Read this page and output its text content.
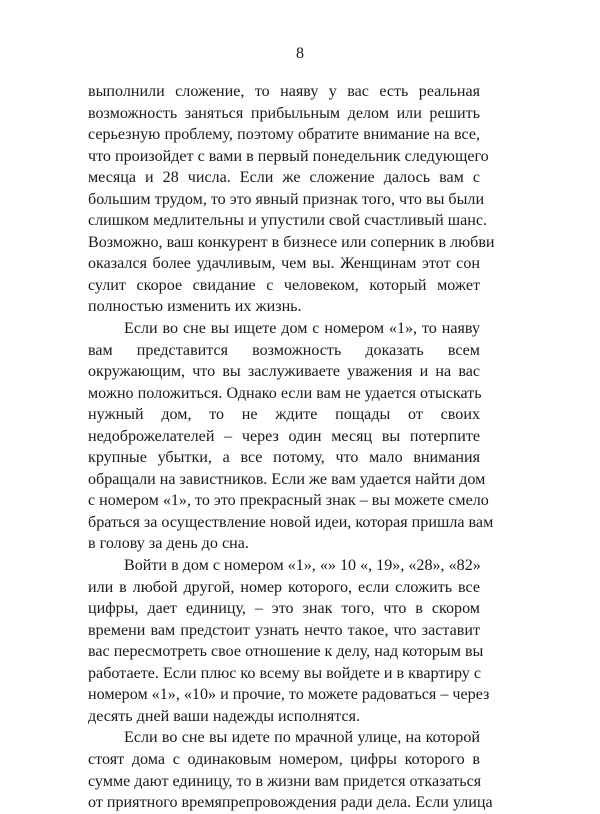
8
выполнили сложение, то наяву у вас есть реальная
возможность заняться прибыльным делом или решить
серьезную проблему, поэтому обратите внимание на все,
что произойдет с вами в первый понедельник следующего
месяца и 28 числа. Если же сложение далось вам с
большим трудом, то это явный признак того, что вы были
слишком медлительны и упустили свой счастливый шанс.
Возможно, ваш конкурент в бизнесе или соперник в любви
оказался более удачливым, чем вы. Женщинам этот сон
сулит скорое свидание с человеком, который может
полностью изменить их жизнь.
Если во сне вы ищете дом с номером «1», то наяву
вам представится возможность доказать всем
окружающим, что вы заслуживаете уважения и на вас
можно положиться. Однако если вам не удается отыскать
нужный дом, то не ждите пощады от своих
недоброжелателей – через один месяц вы потерпите
крупные убытки, а все потому, что мало внимания
обращали на завистников. Если же вам удается найти дом
с номером «1», то это прекрасный знак – вы можете смело
браться за осуществление новой идеи, которая пришла вам
в голову за день до сна.
Войти в дом с номером «1», «» 10 «, 19», «28», «82»
или в любой другой, номер которого, если сложить все
цифры, дает единицу, – это знак того, что в скором
времени вам предстоит узнать нечто такое, что заставит
вас пересмотреть свое отношение к делу, над которым вы
работаете. Если плюс ко всему вы войдете и в квартиру с
номером «1», «10» и прочие, то можете радоваться – через
десять дней ваши надежды исполнятся.
Если во сне вы идете по мрачной улице, на которой
стоят дома с одинаковым номером, цифры которого в
сумме дают единицу, то в жизни вам придется отказаться
от приятного времяпрепровождения ради дела. Если улица
